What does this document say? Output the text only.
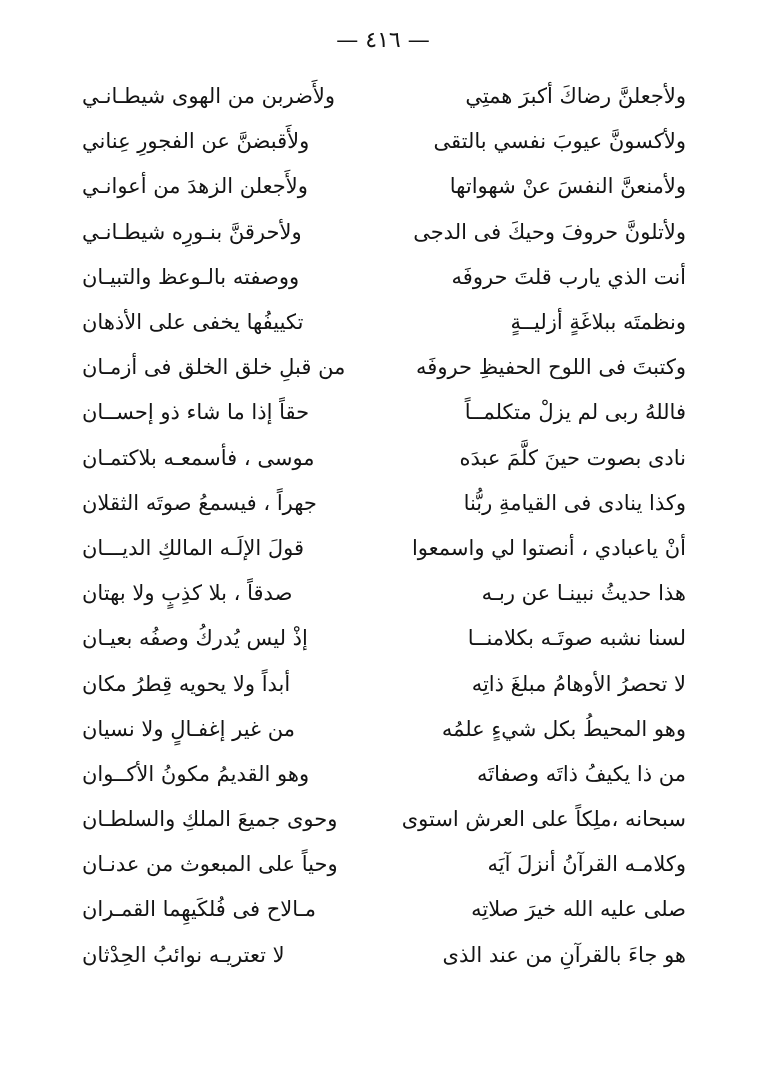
— ٤١٦ —
ولأجعلنَّ رضاكَ أكبرَ همتِي
ولأَضربن من الهوى شيطـانـي
ولأكسونَّ عيوبَ نفسي بالتقى
ولأَقبضنَّ عن الفجورِ عِناني
ولأمنعنَّ النفسَ عنْ شهواتها
ولأَجعلن الزهدَ من أعوانـي
ولأتلونَّ حروفَ وحيكَ فى الدجى
ولأحرقنَّ بنـورِه شيطـانـي
أنت الذي يارب قلتَ حروفَه
ووصفته بالـوعظ والتبيـان
ونظمتَه ببلاغَةٍ أزليــةٍ
تكييفُها يخفى على الأذهان
وكتبتَ فى اللوح الحفيظِ حروفَه
من قبلِ خلق الخلق فى أزمـان
فاللهُ ربى لم يزلْ متكلمــاً
حقاً إذا ما شاء ذو إحســان
نادى بصوت حينَ كلَّمَ عبدَه
موسى ، فأسمعـه بلاكتمـان
وكذا ينادى فى القيامةِ ربُّنا
جهراً ، فيسمعُ صوتَه الثقلان
أنْ ياعبادي ، أنصتوا لي واسمعوا
قولَ الإلَـه المالكِ الديـــان
هذا حديثُ نبينـا عن ربـه
صدقاً ، بلا كذِبٍ ولا بهتان
لسنا نشبه صوتَـه بكلامنــا
إذْ ليس يُدركُ وصفُه بعيـان
لا تحصرُ الأوهامُ مبلغَ ذاتِه
أبداً ولا يحويه قِطرُ مكان
وهو المحيطُ بكل شيءٍ علمُه
من غير إغفـالٍ ولا نسيان
من ذا يكيفُ ذاتَه وصفاتَه
وهو القديمُ مكونُ الأكــوان
سبحانه ،ملِكاً على العرش استوى
وحوى جميعَ الملكِ والسلطـان
وكلامـه القرآنُ أنزلَ آيَه
وحياً على المبعوث من عدنـان
صلى عليه الله خيرَ صلاتِه
مـالاح فى فُلكَيهِما القمـران
هو جاءَ بالقرآنِ من عند الذى
لا تعتريـه نوائبُ الحِدْثان
